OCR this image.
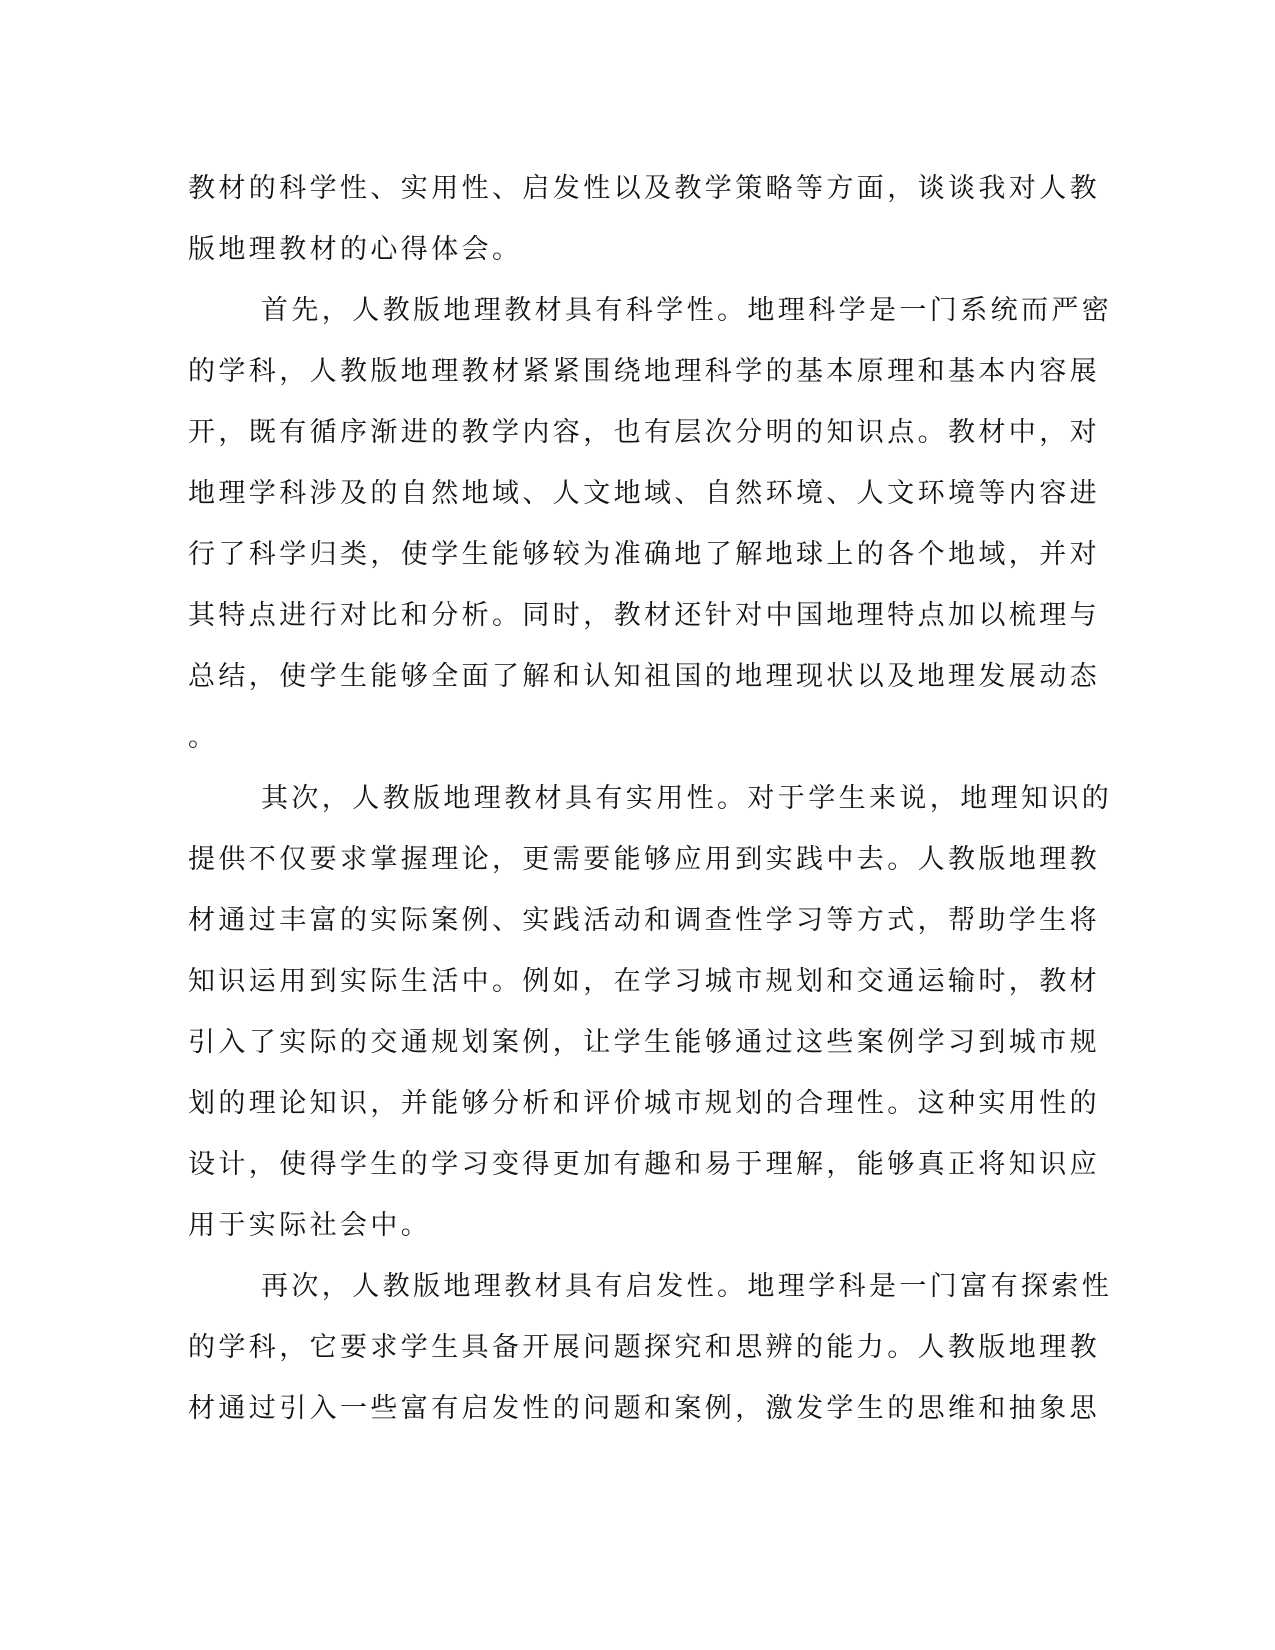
教材的科学性、实用性、启发性以及教学策略等方面，谈谈我对人教
版地理教材的心得体会。
首先，人教版地理教材具有科学性。地理科学是一门系统而严密
的学科，人教版地理教材紧紧围绕地理科学的基本原理和基本内容展
开，既有循序渐进的教学内容，也有层次分明的知识点。教材中，对
地理学科涉及的自然地域、人文地域、自然环境、人文环境等内容进
行了科学归类，使学生能够较为准确地了解地球上的各个地域，并对
其特点进行对比和分析。同时，教材还针对中国地理特点加以梳理与
总结，使学生能够全面了解和认知祖国的地理现状以及地理发展动态
。
其次，人教版地理教材具有实用性。对于学生来说，地理知识的
提供不仅要求掌握理论，更需要能够应用到实践中去。人教版地理教
材通过丰富的实际案例、实践活动和调查性学习等方式，帮助学生将
知识运用到实际生活中。例如，在学习城市规划和交通运输时，教材
引入了实际的交通规划案例，让学生能够通过这些案例学习到城市规
划的理论知识，并能够分析和评价城市规划的合理性。这种实用性的
设计，使得学生的学习变得更加有趣和易于理解，能够真正将知识应
用于实际社会中。
再次，人教版地理教材具有启发性。地理学科是一门富有探索性
的学科，它要求学生具备开展问题探究和思辨的能力。人教版地理教
材通过引入一些富有启发性的问题和案例，激发学生的思维和抽象思
